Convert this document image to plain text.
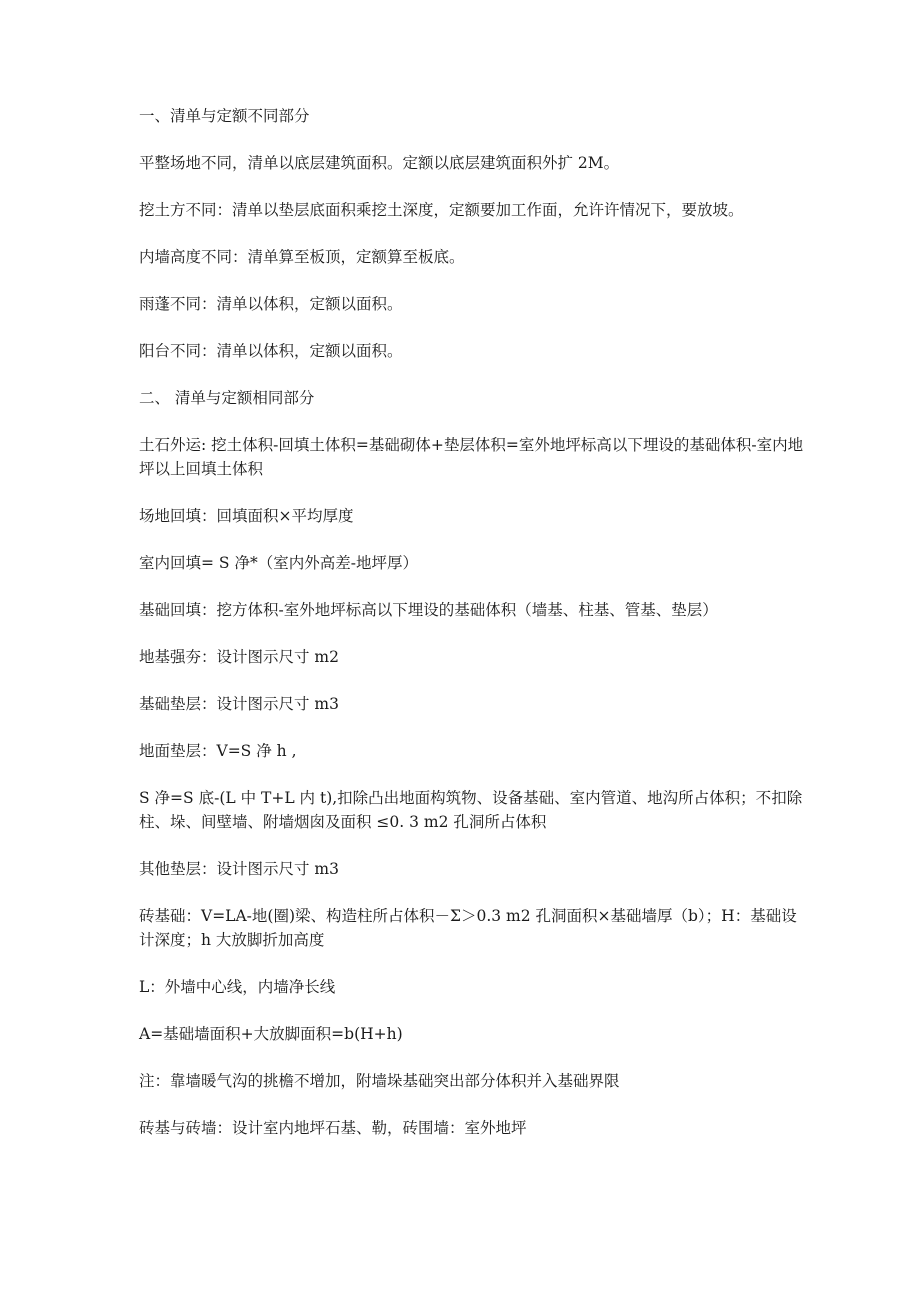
一、清单与定额不同部分

平整场地不同，清单以底层建筑面积。定额以底层建筑面积外扩 2M。

挖土方不同：清单以垫层底面积乘挖土深度，定额要加工作面，允许许情况下，要放坡。

内墙高度不同：清单算至板顶，定额算至板底。

雨蓬不同：清单以体积，定额以面积。

阳台不同：清单以体积，定额以面积。

二、 清单与定额相同部分

土石外运: 挖土体积-回填土体积=基础砌体+垫层体积=室外地坪标高以下埋设的基础体积-室内地坪以上回填土体积

场地回填：回填面积×平均厚度

室内回填= S 净*（室内外高差-地坪厚）

基础回填：挖方体积-室外地坪标高以下埋设的基础体积（墙基、柱基、管基、垫层）

地基强夯：设计图示尺寸 m2

基础垫层：设计图示尺寸 m3

地面垫层：V=S 净 h ,

S 净=S 底-(L 中 T+L 内 t),扣除凸出地面构筑物、设备基础、室内管道、地沟所占体积；不扣除柱、垛、间壁墙、附墙烟囱及面积 ≤0. 3 m2 孔洞所占体积

其他垫层：设计图示尺寸 m3

砖基础：V=LA-地(圈)梁、构造柱所占体积－Σ＞0.3 m2 孔洞面积×基础墙厚（b）；H：基础设计深度；h 大放脚折加高度

L：外墙中心线，内墙净长线

A=基础墙面积+大放脚面积=b(H+h)

注：靠墙暖气沟的挑檐不增加，附墙垛基础突出部分体积并入基础界限

砖基与砖墙：设计室内地坪石基、勒，砖围墙：室外地坪
